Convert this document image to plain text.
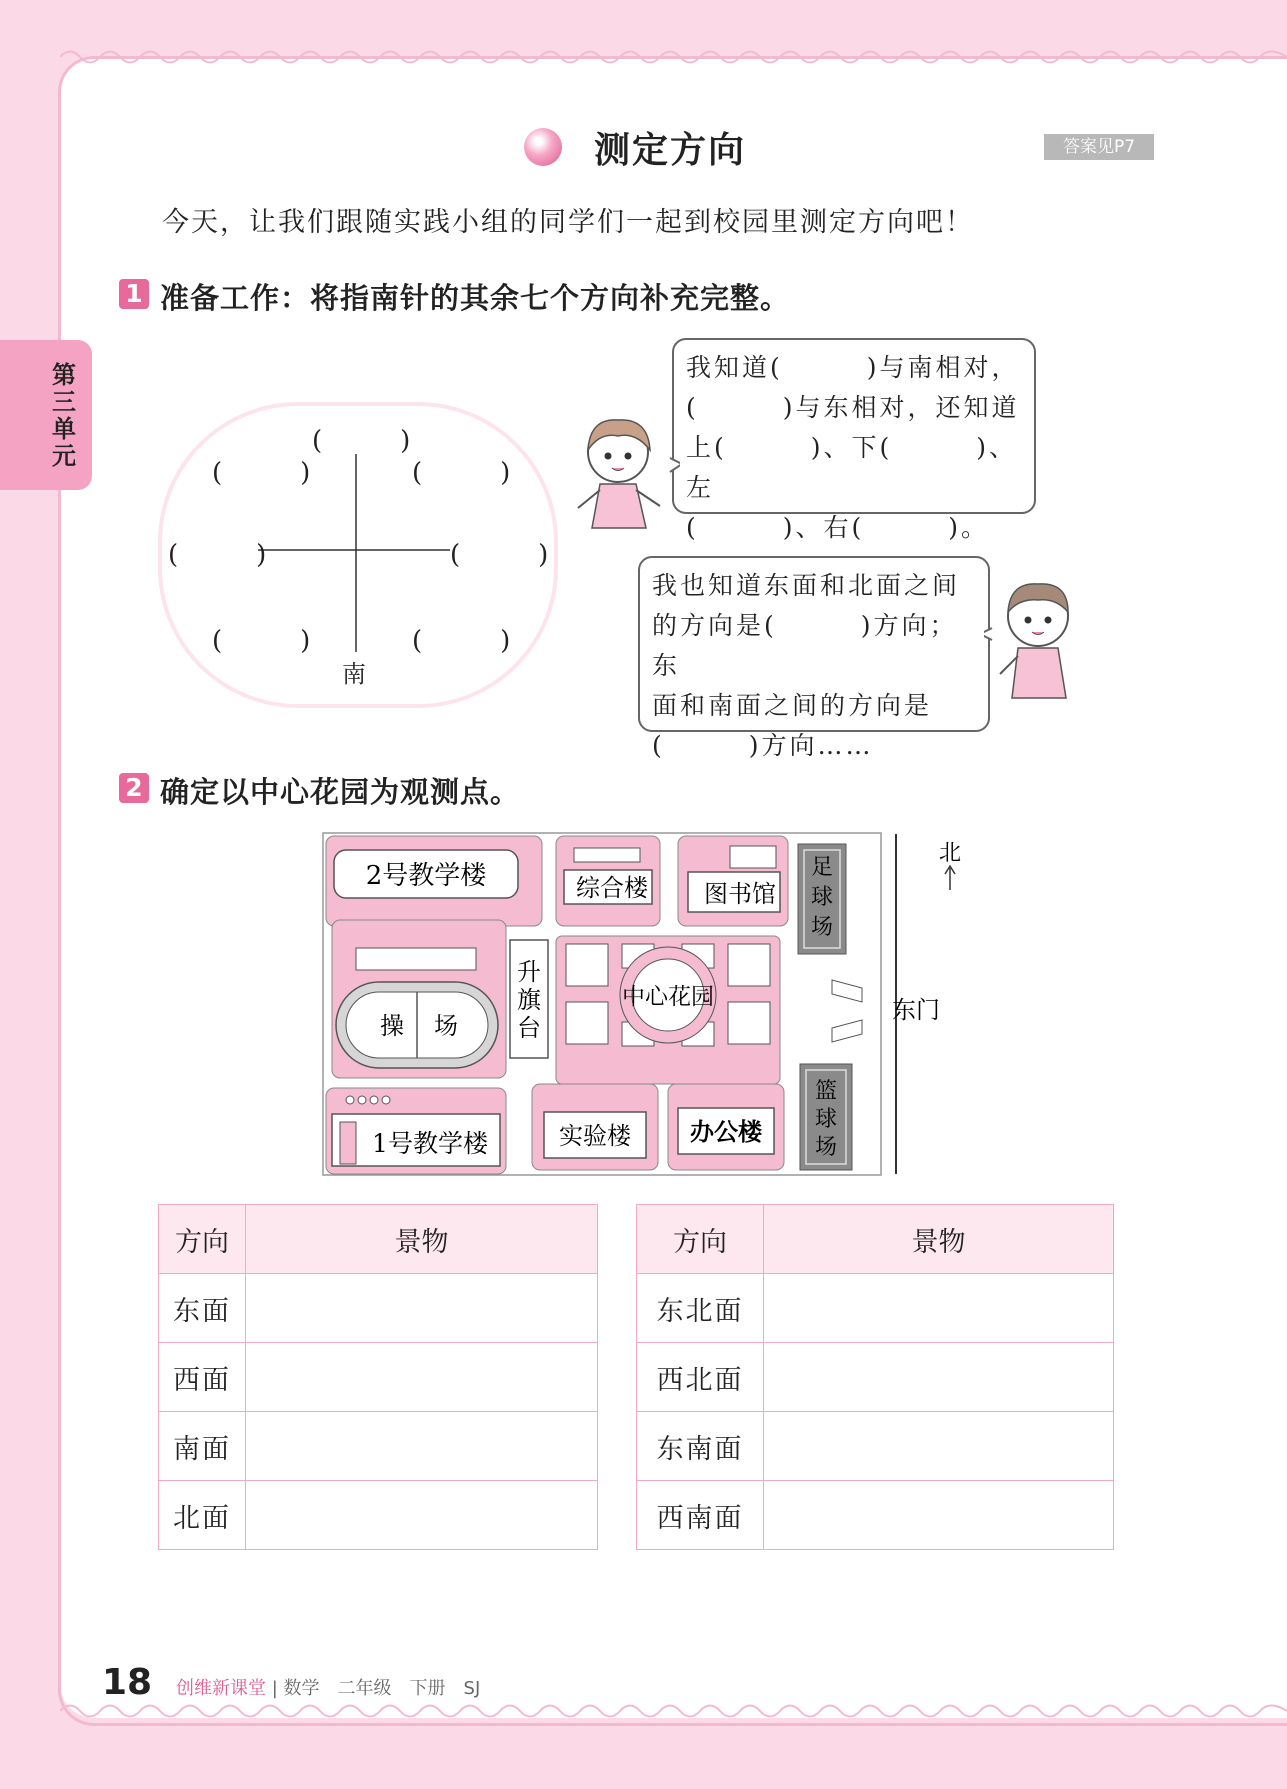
第三单元
测定方向	答案见P7
今天，让我们跟随实践小组的同学们一起到校园里测定方向吧！
1 准备工作：将指南针的其余七个方向补充完整。
(　　　)
(　　　)	(　　　)
(　　　)	(　　　)
(　　　)	(　　　)
南
我知道(　　　)与南相对，
(　　　)与东相对，还知道
上(　　　)、下(　　　)、左
(　　　)、右(　　　)。
我也知道东面和北面之间
的方向是(　　　)方向；东
面和南面之间的方向是
(　　　)方向……
2 确定以中心花园为观测点。
2号教学楼	综合楼 图书馆
足
球
场
升
旗
台
操 场
中心花园	东门
篮
球
场
1号教学楼	实验楼 办公楼
北
方向	景物
东面	
西面	
南面	
北面	
方向	景物
东北面	
西北面	
东南面	
西南面	
18 创维新课堂 | 数学　 二年级　 下册　 SJ
